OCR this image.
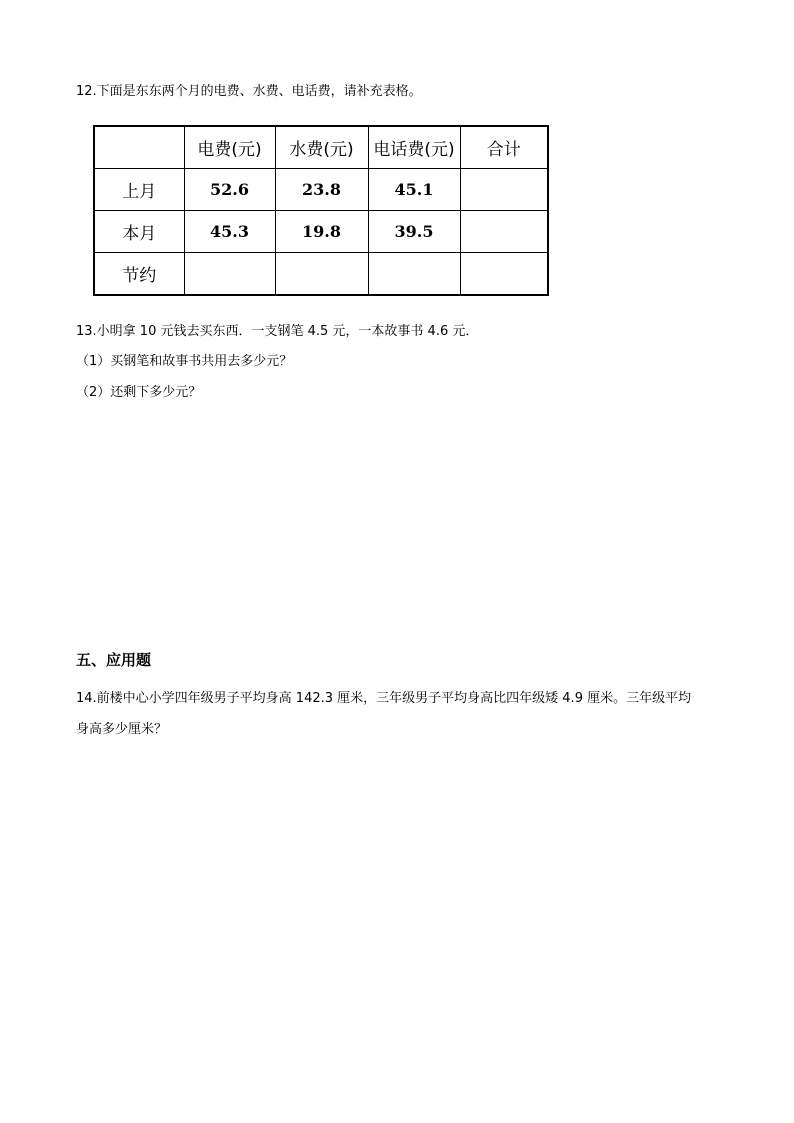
12.下面是东东两个月的电费、水费、电话费，请补充表格。
	电费(元)	水费(元)	电话费(元)	合计
上月	52.6	23.8	45.1	
本月	45.3	19.8	39.5	
节约				
13.小明拿 10 元钱去买东西．一支钢笔 4.5 元，一本故事书 4.6 元．
（1）买钢笔和故事书共用去多少元？
（2）还剩下多少元？
五、应用题
14.前楼中心小学四年级男子平均身高 142.3 厘米，三年级男子平均身高比四年级矮 4.9 厘米。三年级平均
身高多少厘米？
